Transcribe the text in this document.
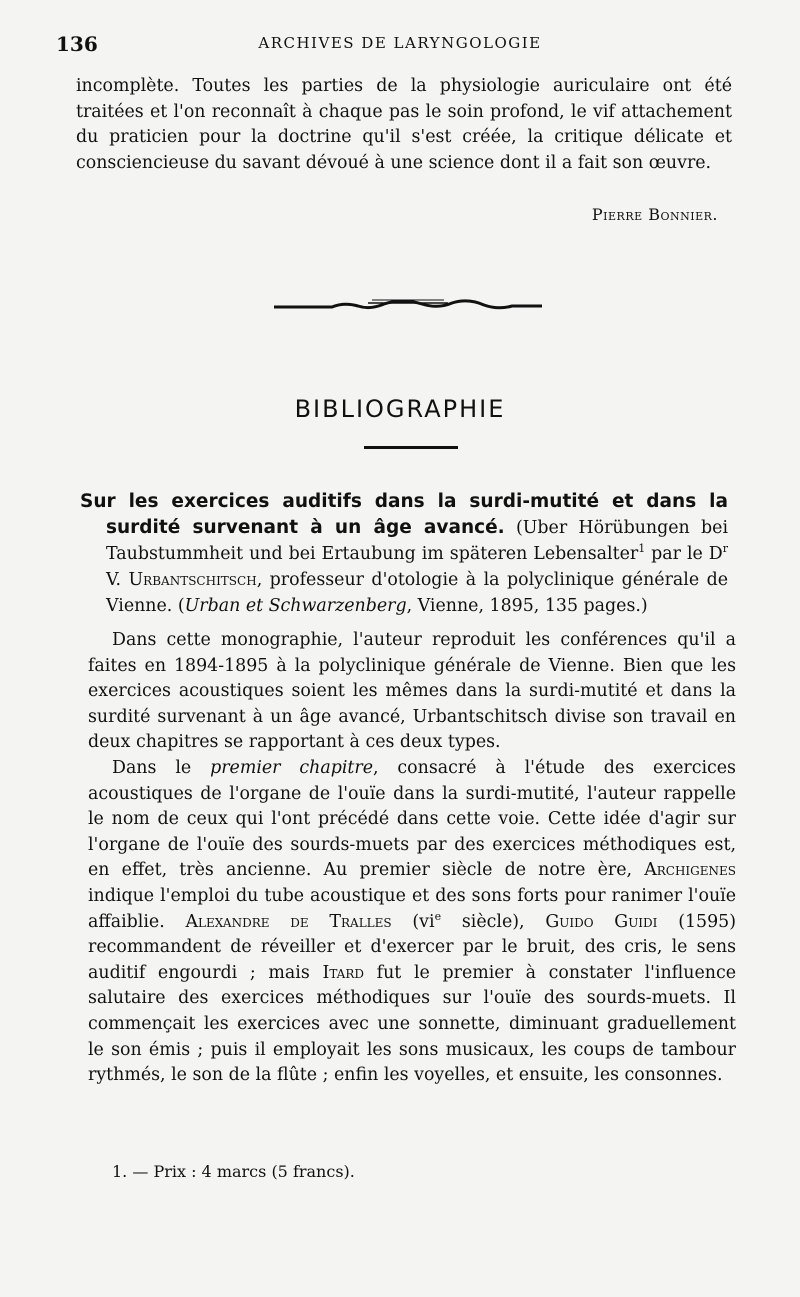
136	ARCHIVES DE LARYNGOLOGIE
incomplète. Toutes les parties de la physiologie auriculaire ont été traitées et l'on reconnaît à chaque pas le soin profond, le vif attachement du praticien pour la doctrine qu'il s'est créée, la critique délicate et consciencieuse du savant dévoué à une science dont il a fait son œuvre.
Pierre Bonnier.
BIBLIOGRAPHIE
Sur les exercices auditifs dans la surdi-mutité et dans la surdité survenant à un âge avancé. (Uber Hörübungen bei Taubstummheit und bei Ertaubung im späteren Lebensalter$^1$ par le $D^r$ V. Urbantschitsch, professeur d'otologie à la polyclinique générale de Vienne. (Urban et Schwarzenberg, Vienne, 1895, 135 pages.)

Dans cette monographie, l'auteur reproduit les conférences qu'il a faites en 1894-1895 à la polyclinique générale de Vienne. Bien que les exercices acoustiques soient les mêmes dans la surdi-mutité et dans la surdité survenant à un âge avancé, Urbantschitsch divise son travail en deux chapitres se rapportant à ces deux types.

Dans le premier chapitre, consacré à l'étude des exercices acoustiques de l'organe de l'ouïe dans la surdi-mutité, l'auteur rappelle le nom de ceux qui l'ont précédé dans cette voie. Cette idée d'agir sur l'organe de l'ouïe des sourds-muets par des exercices méthodiques est, en effet, très ancienne. Au premier siècle de notre ère, Archigenes indique l'emploi du tube acoustique et des sons forts pour ranimer l'ouïe affaiblie. Alexandre de Tralles ($vi^e$ siècle), Guido Guidi (1595) recommandent de réveiller et d'exercer par le bruit, des cris, le sens auditif engourdi ; mais Itard fut le premier à constater l'influence salutaire des exercices méthodiques sur l'ouïe des sourds-muets. Il commençait les exercices avec une sonnette, diminuant graduellement le son émis ; puis il employait les sons musicaux, les coups de tambour rythmés, le son de la flûte ; enfin les voyelles, et ensuite, les consonnes.

1. — Prix : 4 marcs (5 francs).
